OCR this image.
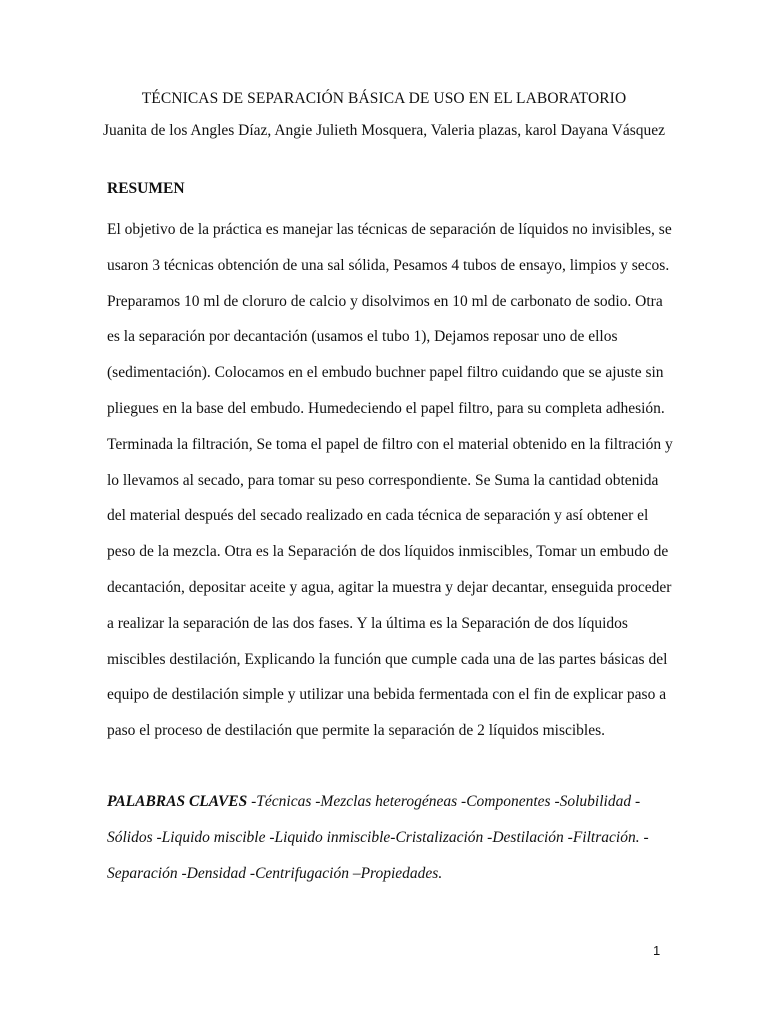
TÉCNICAS DE SEPARACIÓN BÁSICA DE USO EN EL LABORATORIO

Juanita de los Angles Díaz, Angie Julieth Mosquera, Valeria plazas, karol Dayana Vásquez

RESUMEN
El objetivo de la práctica es manejar las técnicas de separación de líquidos no invisibles, se
usaron 3 técnicas obtención de una sal sólida, Pesamos 4 tubos de ensayo, limpios y secos.
Preparamos 10 ml de cloruro de calcio y disolvimos en 10 ml de carbonato de sodio. Otra
es la separación por decantación (usamos el tubo 1), Dejamos reposar uno de ellos
(sedimentación). Colocamos en el embudo buchner papel filtro cuidando que se ajuste sin
pliegues en la base del embudo. Humedeciendo el papel filtro, para su completa adhesión.
Terminada la filtración, Se toma el papel de filtro con el material obtenido en la filtración y
lo llevamos al secado, para tomar su peso correspondiente. Se Suma la cantidad obtenida
del material después del secado realizado en cada técnica de separación y así obtener el
peso de la mezcla. Otra es la Separación de dos líquidos inmiscibles, Tomar un embudo de
decantación, depositar aceite y agua, agitar la muestra y dejar decantar, enseguida proceder
a realizar la separación de las dos fases. Y la última es la Separación de dos líquidos
miscibles destilación, Explicando la función que cumple cada una de las partes básicas del
equipo de destilación simple y utilizar una bebida fermentada con el fin de explicar paso a
paso el proceso de destilación que permite la separación de 2 líquidos miscibles.
PALABRAS CLAVES -Técnicas -Mezclas heterogéneas -Componentes -Solubilidad -
Sólidos -Liquido miscible -Liquido inmiscible-Cristalización -Destilación -Filtración. -
Separación -Densidad -Centrifugación –Propiedades.

1
